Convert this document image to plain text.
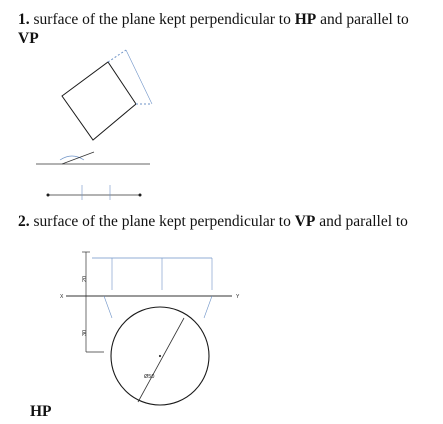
1. surface of the plane kept perpendicular to HP and parallel to
VP
X	Y
20
30
Ø50
2. surface of the plane kept perpendicular to VP and parallel to
HP
